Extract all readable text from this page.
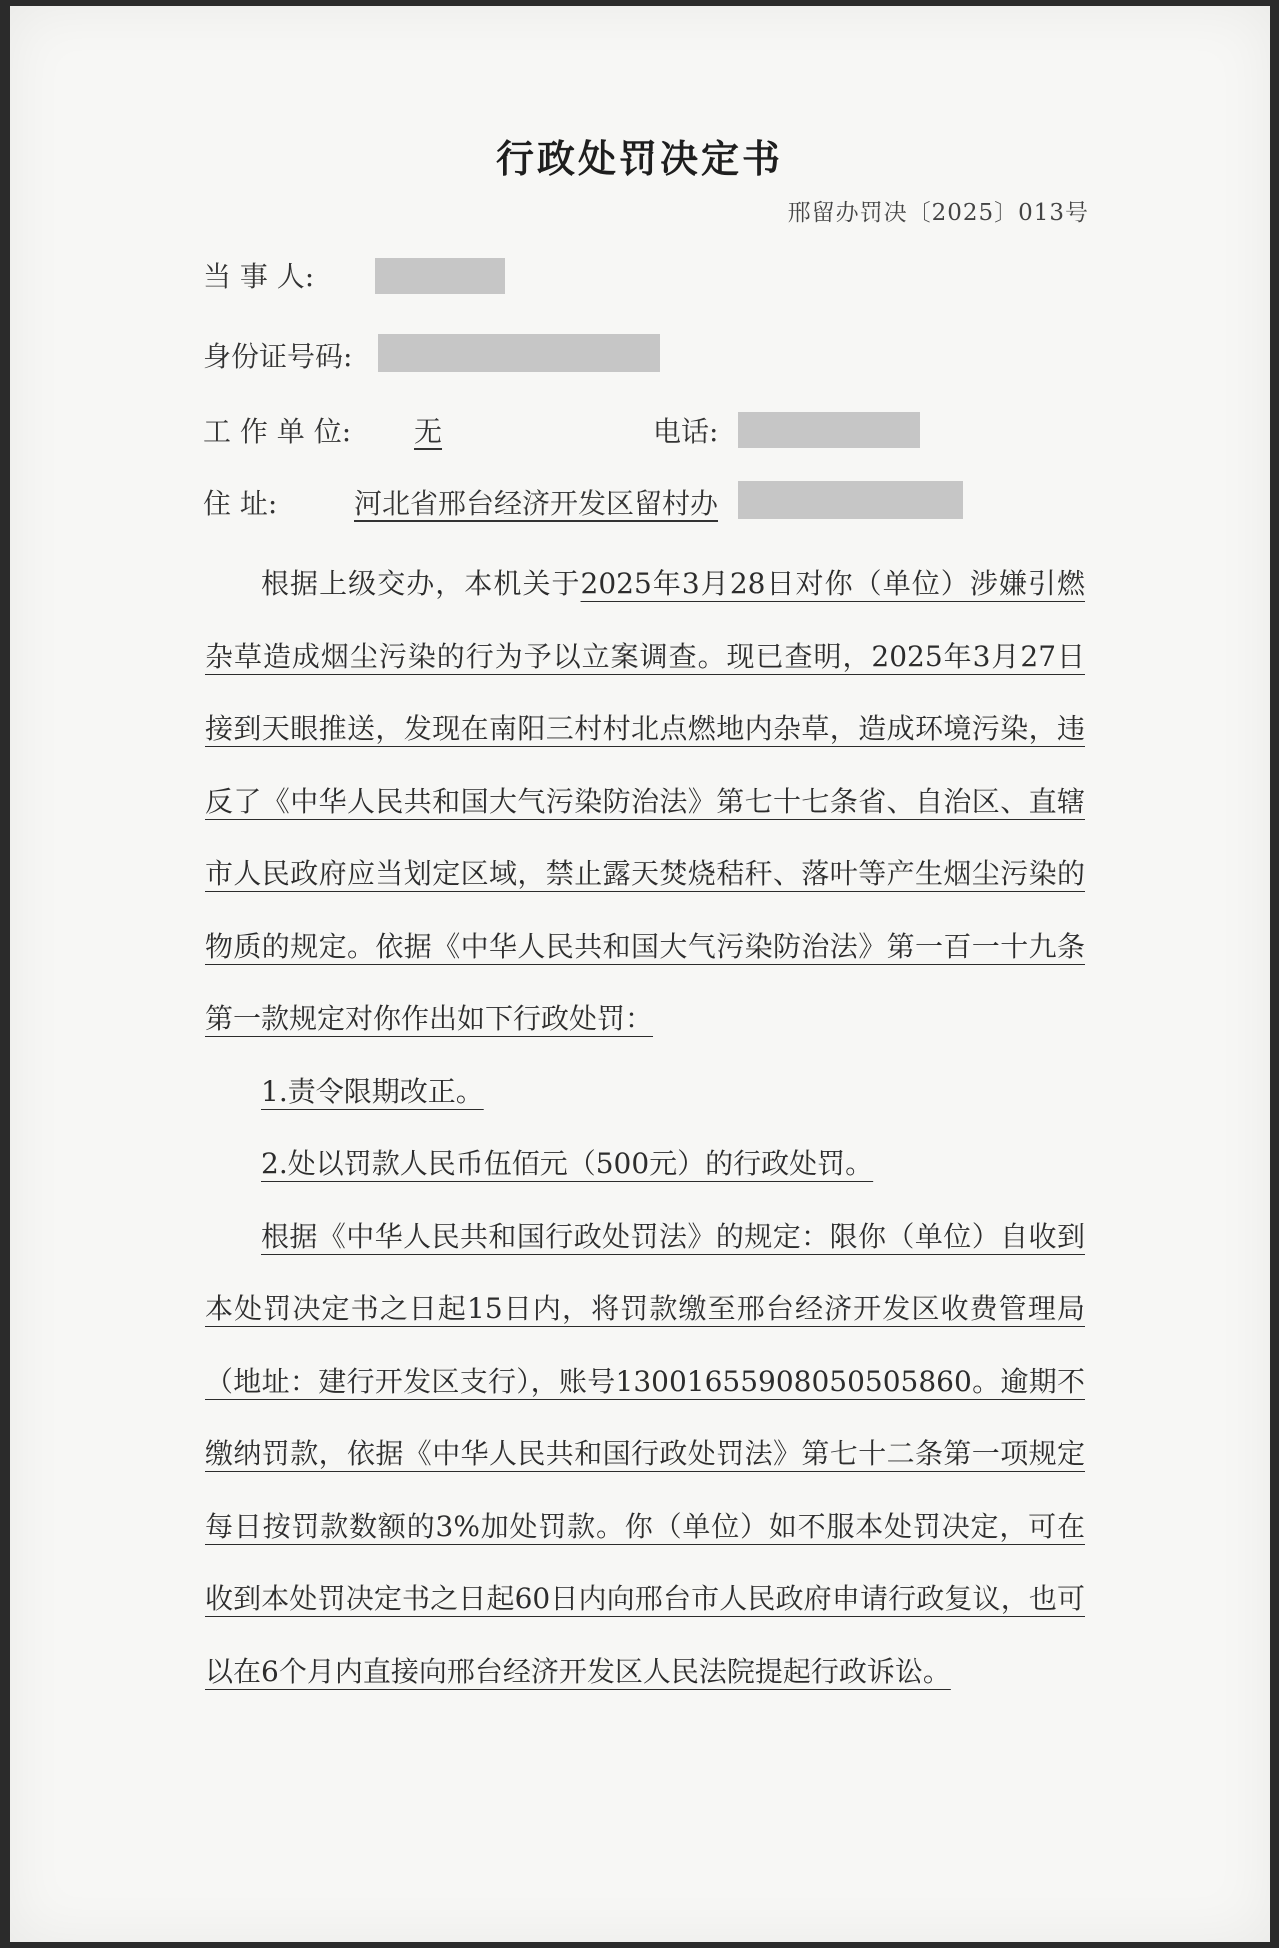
行政处罚决定书
邢留办罚决〔2025〕013号
当 事 人:
身份证号码:
工 作 单 位:	无	电话:
住 址:	河北省邢台经济开发区留村办

根据上级交办，本机关于2025年3月28日对你（单位）涉嫌引燃杂草造成烟尘污染的行为予以立案调查。现已查明，2025年3月27日接到天眼推送，发现在南阳三村村北点燃地内杂草，造成环境污染，违反了《中华人民共和国大气污染防治法》第七十七条省、自治区、直辖市人民政府应当划定区域，禁止露天焚烧秸秆、落叶等产生烟尘污染的物质的规定。依据《中华人民共和国大气污染防治法》第一百一十九条第一款规定对你作出如下行政处罚：

1.责令限期改正。

2.处以罚款人民币伍佰元（500元）的行政处罚。

根据《中华人民共和国行政处罚法》的规定：限你（单位）自收到本处罚决定书之日起15日内，将罚款缴至邢台经济开发区收费管理局（地址：建行开发区支行），账号13001655908050505860。逾期不缴纳罚款，依据《中华人民共和国行政处罚法》第七十二条第一项规定每日按罚款数额的3%加处罚款。你（单位）如不服本处罚决定，可在收到本处罚决定书之日起60日内向邢台市人民政府申请行政复议，也可以在6个月内直接向邢台经济开发区人民法院提起行政诉讼。
